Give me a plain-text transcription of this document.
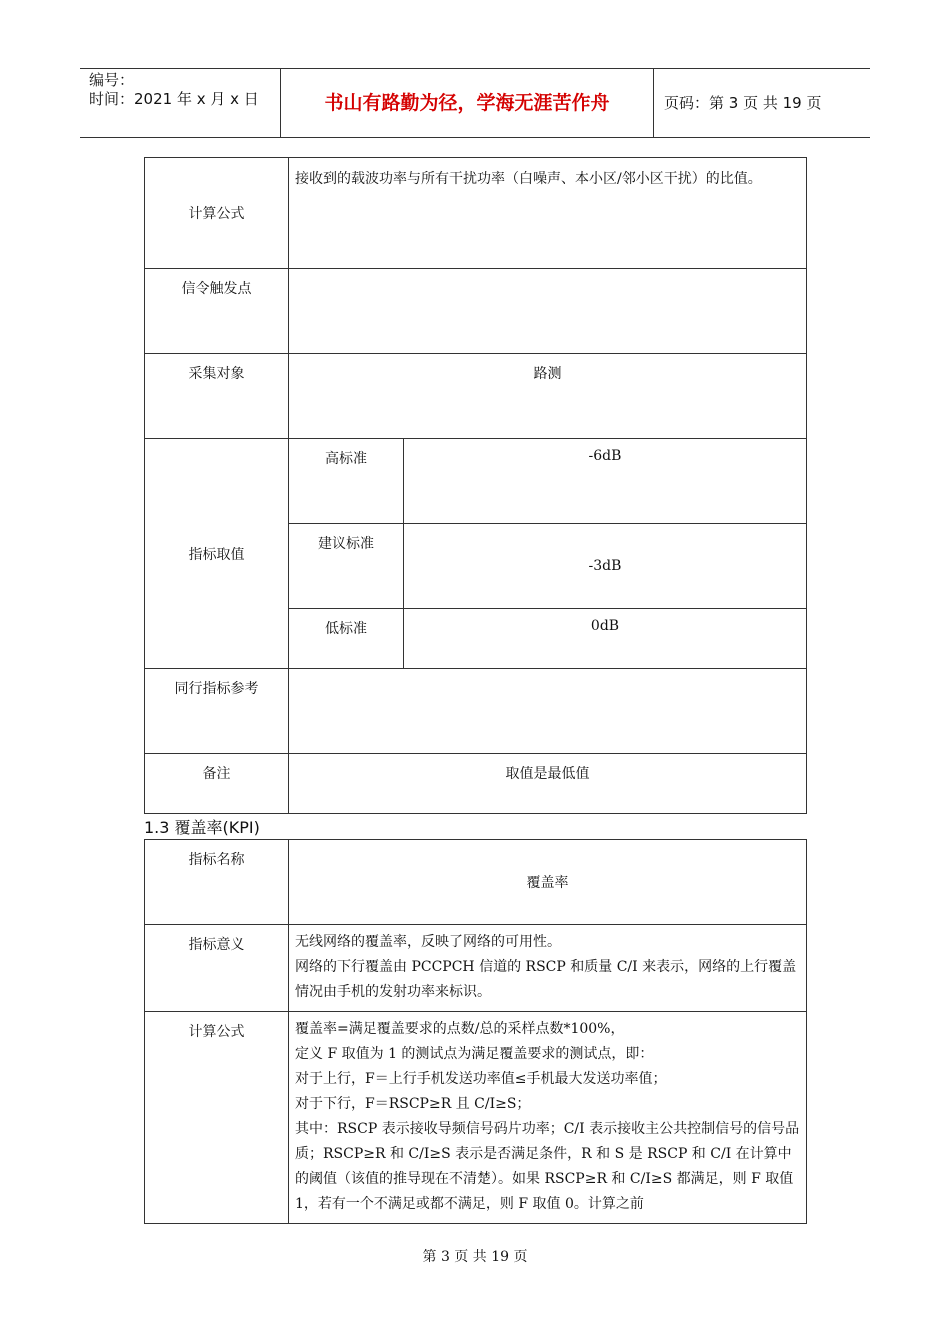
编号：
时间：2021 年 x 月 x 日	书山有路勤为径，学海无涯苦作舟	页码：第 3 页 共 19 页
计算公式	接收到的载波功率与所有干扰功率（白噪声、本小区/邻小区干扰）的比值。	
信令触发点		
采集对象	路测	
指标取值	高标准	-6dB
	建议标准	-3dB
	低标准	0dB
同行指标参考		
备注	取值是最低值	
1.3 覆盖率(KPI)
指标名称	覆盖率
指标意义	无线网络的覆盖率，反映了网络的可用性。
网络的下行覆盖由 PCCPCH 信道的 RSCP 和质量 C/I 来表示，网络的上行覆盖情况由手机的发射功率来标识。

计算公式	覆盖率=满足覆盖要求的点数/总的采样点数*100%，
定义 F 取值为 1 的测试点为满足覆盖要求的测试点，即：
对于上行，F＝上行手机发送功率值≤手机最大发送功率值；
对于下行，F＝RSCP≥R 且 C/I≥S；
其中：RSCP 表示接收导频信号码片功率；C/I 表示接收主公共控制信号的信号品质；RSCP≥R 和 C/I≥S 表示是否满足条件，R 和 S 是 RSCP 和 C/I 在计算中的阈值（该值的推导现在不清楚）。如果 RSCP≥R 和 C/I≥S 都满足，则 F 取值 1，若有一个不满足或都不满足，则 F 取值 0。计算之前
第 3 页 共 19 页
